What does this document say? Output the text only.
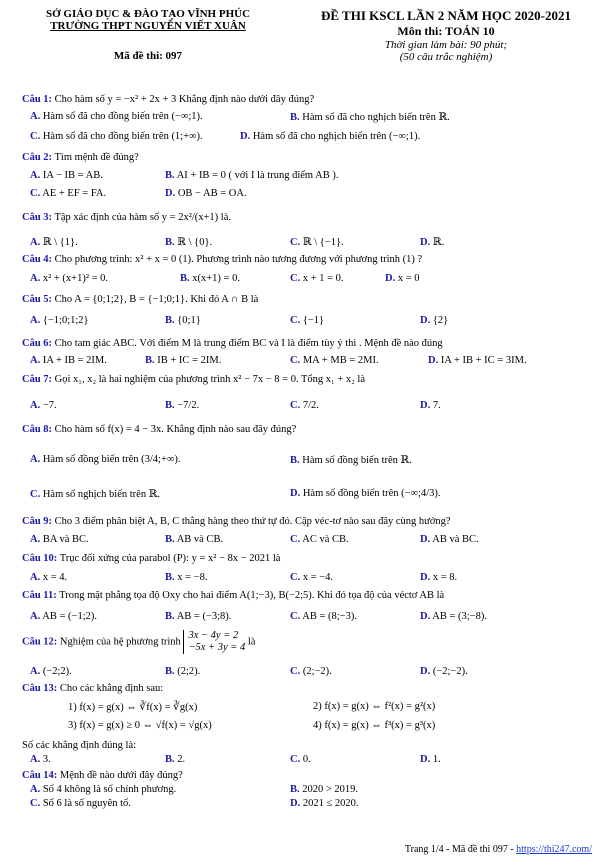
SỞ GIÁO DỤC & ĐÀO TẠO VĨNH PHÚC
TRƯỜNG THPT NGUYỄN VIẾT XUÂN
Mã đề thi: 097
ĐỀ THI KSCL LẦN 2 NĂM HỌC 2020-2021
Môn thi: TOÁN 10
Thời gian làm bài: 90 phút;
(50 câu trắc nghiệm)
Câu 1: Cho hàm số y = −x² + 2x + 3 Khẳng định nào dưới đây đúng?
A. Hàm số đã cho đồng biến trên (−∞;1).	B. Hàm số đã cho nghịch biến trên ℝ.
C. Hàm số đã cho đồng biến trên (1;+∞).	D. Hàm số đã cho nghịch biến trên (−∞;1).
Câu 2: Tìm mệnh đề đúng?
A. IA − IB = AB.	B. AI + IB = 0 ( với I là trung điểm AB ).
C. AE + EF = FA.	D. OB − AB = OA.
Câu 3: Tập xác định của hàm số y = 2x²/(x+1) là.
A. ℝ \ {1}.	B. ℝ \ {0}.	C. ℝ \ {−1}.	D. ℝ.
Câu 4: Cho phương trình: x² + x = 0 (1). Phương trình nào tương đương với phương trình (1) ?
A. x² + (x+1)² = 0.	B. x(x+1) = 0.	C. x + 1 = 0.	D. x = 0
Câu 5: Cho A = {0;1;2}, B = {−1;0;1}. Khi đó A ∩ B là
A. {−1;0;1;2}	B. {0;1}	C. {−1}	D. {2}
Câu 6: Cho tam giác ABC. Với điểm M là trung điểm BC và I là điểm tùy ý thì . Mệnh đề nào đúng
A. IA + IB = 2IM.	B. IB + IC = 2IM.	C. MA + MB = 2MI.	D. IA + IB + IC = 3IM.
Câu 7: Gọi x₁, x₂ là hai nghiệm của phương trình x² − 7x − 8 = 0. Tổng x₁ + x₂ là
A. −7.	B. −7/2.	C. 7/2.	D. 7.
Câu 8: Cho hàm số f(x) = 4 − 3x. Khẳng định nào sau đây đúng?
A. Hàm số đồng biến trên (3/4;+∞).	B. Hàm số đồng biến trên ℝ.
C. Hàm số nghịch biến trên ℝ.	D. Hàm số đồng biến trên (−∞;4/3).
Câu 9: Cho 3 điểm phân biệt A, B, C thẳng hàng theo thứ tự đó. Cặp véc-tơ nào sau đây cùng hướng?
A. BA và BC.	B. AB và CB.	C. AC và CB.	D. AB và BC.
Câu 10: Trục đối xứng của parabol (P): y = x² − 8x − 2021 là
A. x = 4.	B. x = −8.	C. x = −4.	D. x = 8.
Câu 11: Trong mặt phẳng tọa độ Oxy cho hai điểm A(1;−3), B(−2;5). Khi đó tọa độ của véctơ AB là
A. AB = (−1;2).	B. AB = (−3;8).	C. AB = (8;−3).	D. AB = (3;−8).
Câu 12: Nghiệm của hệ phương trình
3x − 4y = 2
−5x + 3y = 4
là
A. (−2;2).	B. (2;2).	C. (2;−2).	D. (−2;−2).
Câu 13: Cho các khẳng định sau:
1) f(x) = g(x) ⇔ ∛f(x) = ∛g(x)	2) f(x) = g(x) ⇔ f²(x) = g²(x)
3) f(x) = g(x) ≥ 0 ⇔ √f(x) = √g(x)	4) f(x) = g(x) ⇔ f³(x) = g³(x)
Số các khẳng định đúng là:
A. 3.	B. 2.	C. 0.	D. 1.
Câu 14: Mệnh đề nào dưới đây đúng?
A. Số 4 không là số chính phương.	B. 2020 > 2019.
C. Số 6 là số nguyên tố.	D. 2021 ≤ 2020.
Trang 1/4 - Mã đề thi 097 - https://thi247.com/
